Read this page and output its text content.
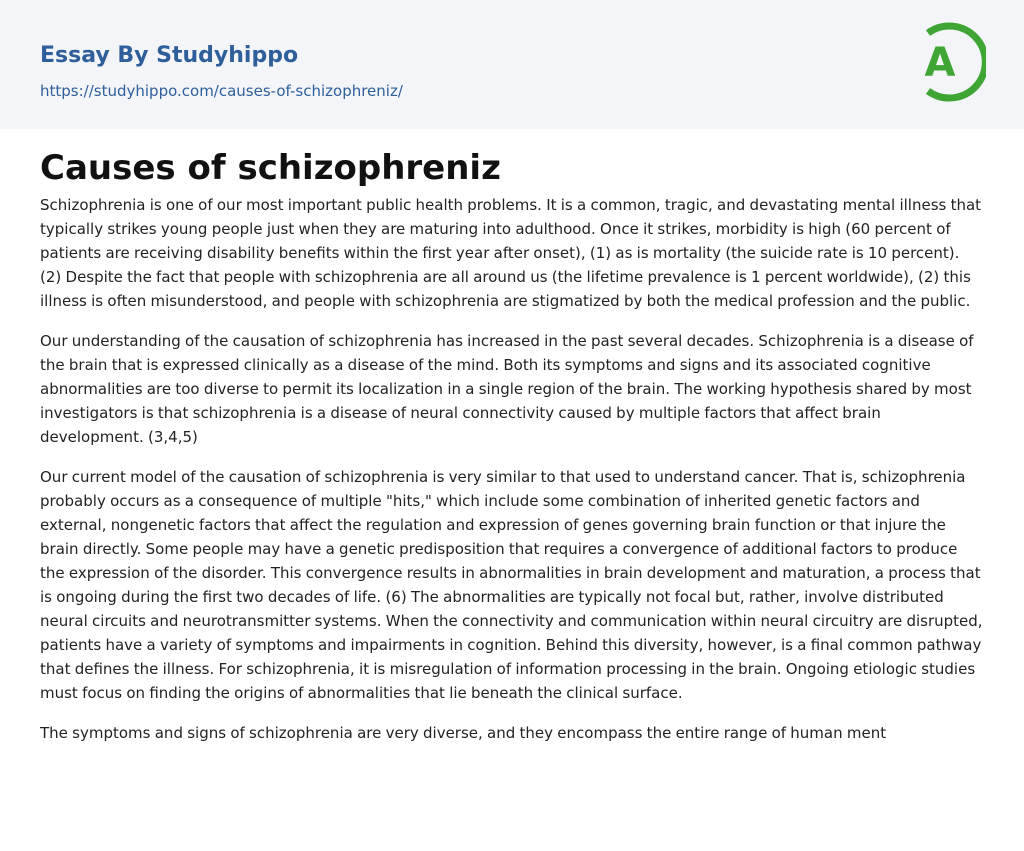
Essay By Studyhippo
https://studyhippo.com/causes-of-schizophreniz/
A
Causes of schizophreniz

Schizophrenia is one of our most important public health problems. It is a common, tragic, and devastating mental illness that typically strikes young people just when they are maturing into adulthood. Once it strikes, morbidity is high (60 percent of patients are receiving disability benefits within the first year after onset), (1) as is mortality (the suicide rate is 10 percent). (2) Despite the fact that people with schizophrenia are all around us (the lifetime prevalence is 1 percent worldwide), (2) this illness is often misunderstood, and people with schizophrenia are stigmatized by both the medical profession and the public.

Our understanding of the causation of schizophrenia has increased in the past several decades. Schizophrenia is a disease of the brain that is expressed clinically as a disease of the mind. Both its symptoms and signs and its associated cognitive abnormalities are too diverse to permit its localization in a single region of the brain. The working hypothesis shared by most investigators is that schizophrenia is a disease of neural connectivity caused by multiple factors that affect brain development. (3,4,5)

Our current model of the causation of schizophrenia is very similar to that used to understand cancer. That is, schizophrenia probably occurs as a consequence of multiple "hits," which include some combination of inherited genetic factors and external, nongenetic factors that affect the regulation and expression of genes governing brain function or that injure the brain directly. Some people may have a genetic predisposition that requires a convergence of additional factors to produce the expression of the disorder. This convergence results in abnormalities in brain development and maturation, a process that is ongoing during the first two decades of life. (6) The abnormalities are typically not focal but, rather, involve distributed neural circuits and neurotransmitter systems. When the connectivity and communication within neural circuitry are disrupted, patients have a variety of symptoms and impairments in cognition. Behind this diversity, however, is a final common pathway that defines the illness. For schizophrenia, it is misregulation of information processing in the brain. Ongoing etiologic studies must focus on finding the origins of abnormalities that lie beneath the clinical surface.

The symptoms and signs of schizophrenia are very diverse, and they encompass the entire range of human ment
